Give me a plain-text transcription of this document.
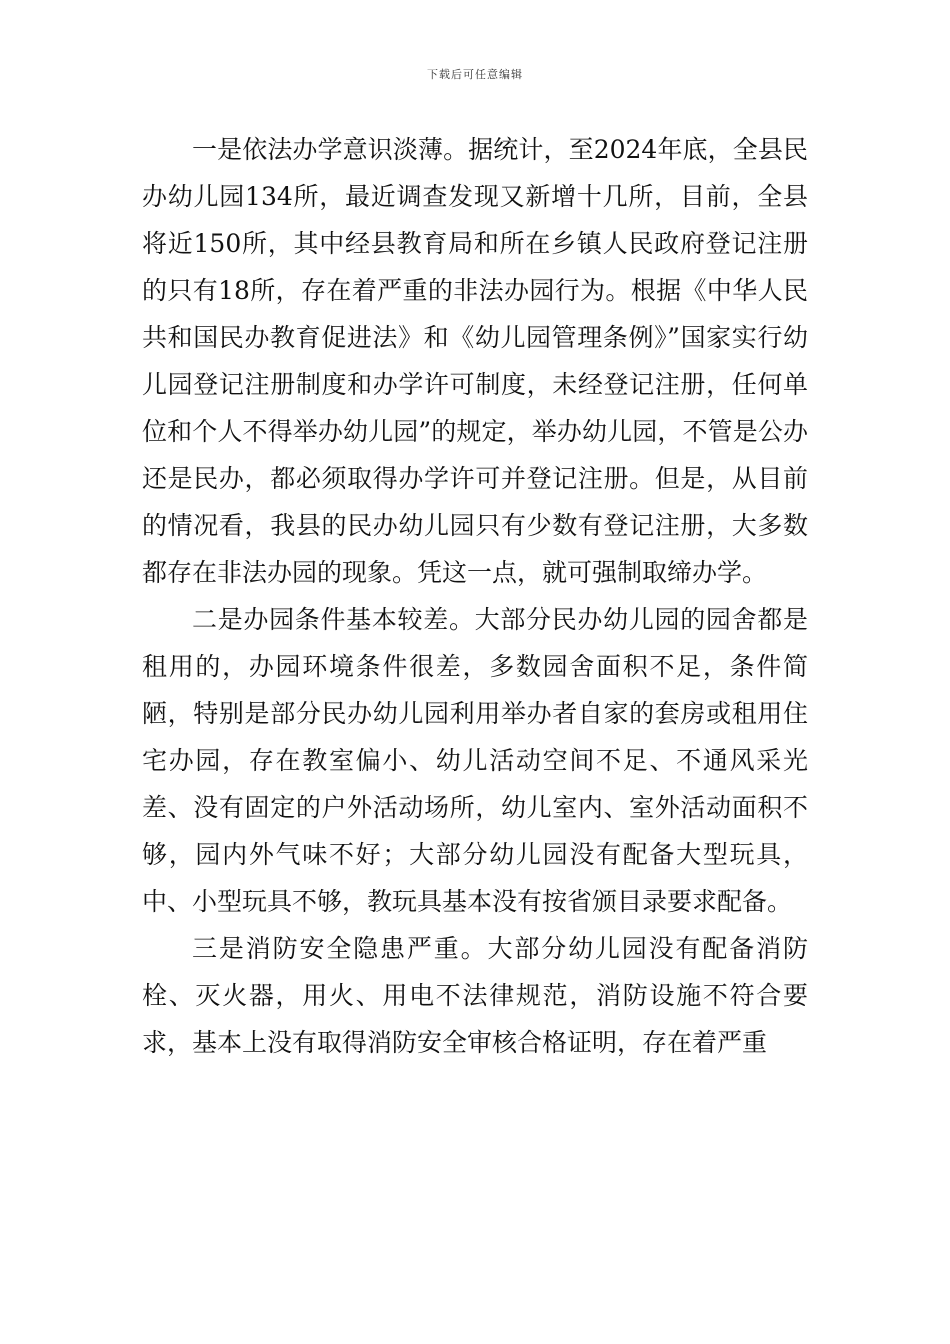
下载后可任意编辑

一是依法办学意识淡薄。据统计，至2024年底，全县民办幼儿园134所，最近调查发现又新增十几所，目前，全县将近150所，其中经县教育局和所在乡镇人民政府登记注册的只有18所，存在着严重的非法办园行为。根据《中华人民共和国民办教育促进法》和《幼儿园管理条例》”国家实行幼儿园登记注册制度和办学许可制度，未经登记注册，任何单位和个人不得举办幼儿园”的规定，举办幼儿园，不管是公办还是民办，都必须取得办学许可并登记注册。但是，从目前的情况看，我县的民办幼儿园只有少数有登记注册，大多数都存在非法办园的现象。凭这一点，就可强制取缔办学。

二是办园条件基本较差。大部分民办幼儿园的园舍都是租用的，办园环境条件很差，多数园舍面积不足，条件简陋，特别是部分民办幼儿园利用举办者自家的套房或租用住宅办园，存在教室偏小、幼儿活动空间不足、不通风采光差、没有固定的户外活动场所，幼儿室内、室外活动面积不够，园内外气味不好；大部分幼儿园没有配备大型玩具，中、小型玩具不够，教玩具基本没有按省颁目录要求配备。

三是消防安全隐患严重。大部分幼儿园没有配备消防栓、灭火器，用火、用电不法律规范，消防设施不符合要求，基本上没有取得消防安全审核合格证明，存在着严重
